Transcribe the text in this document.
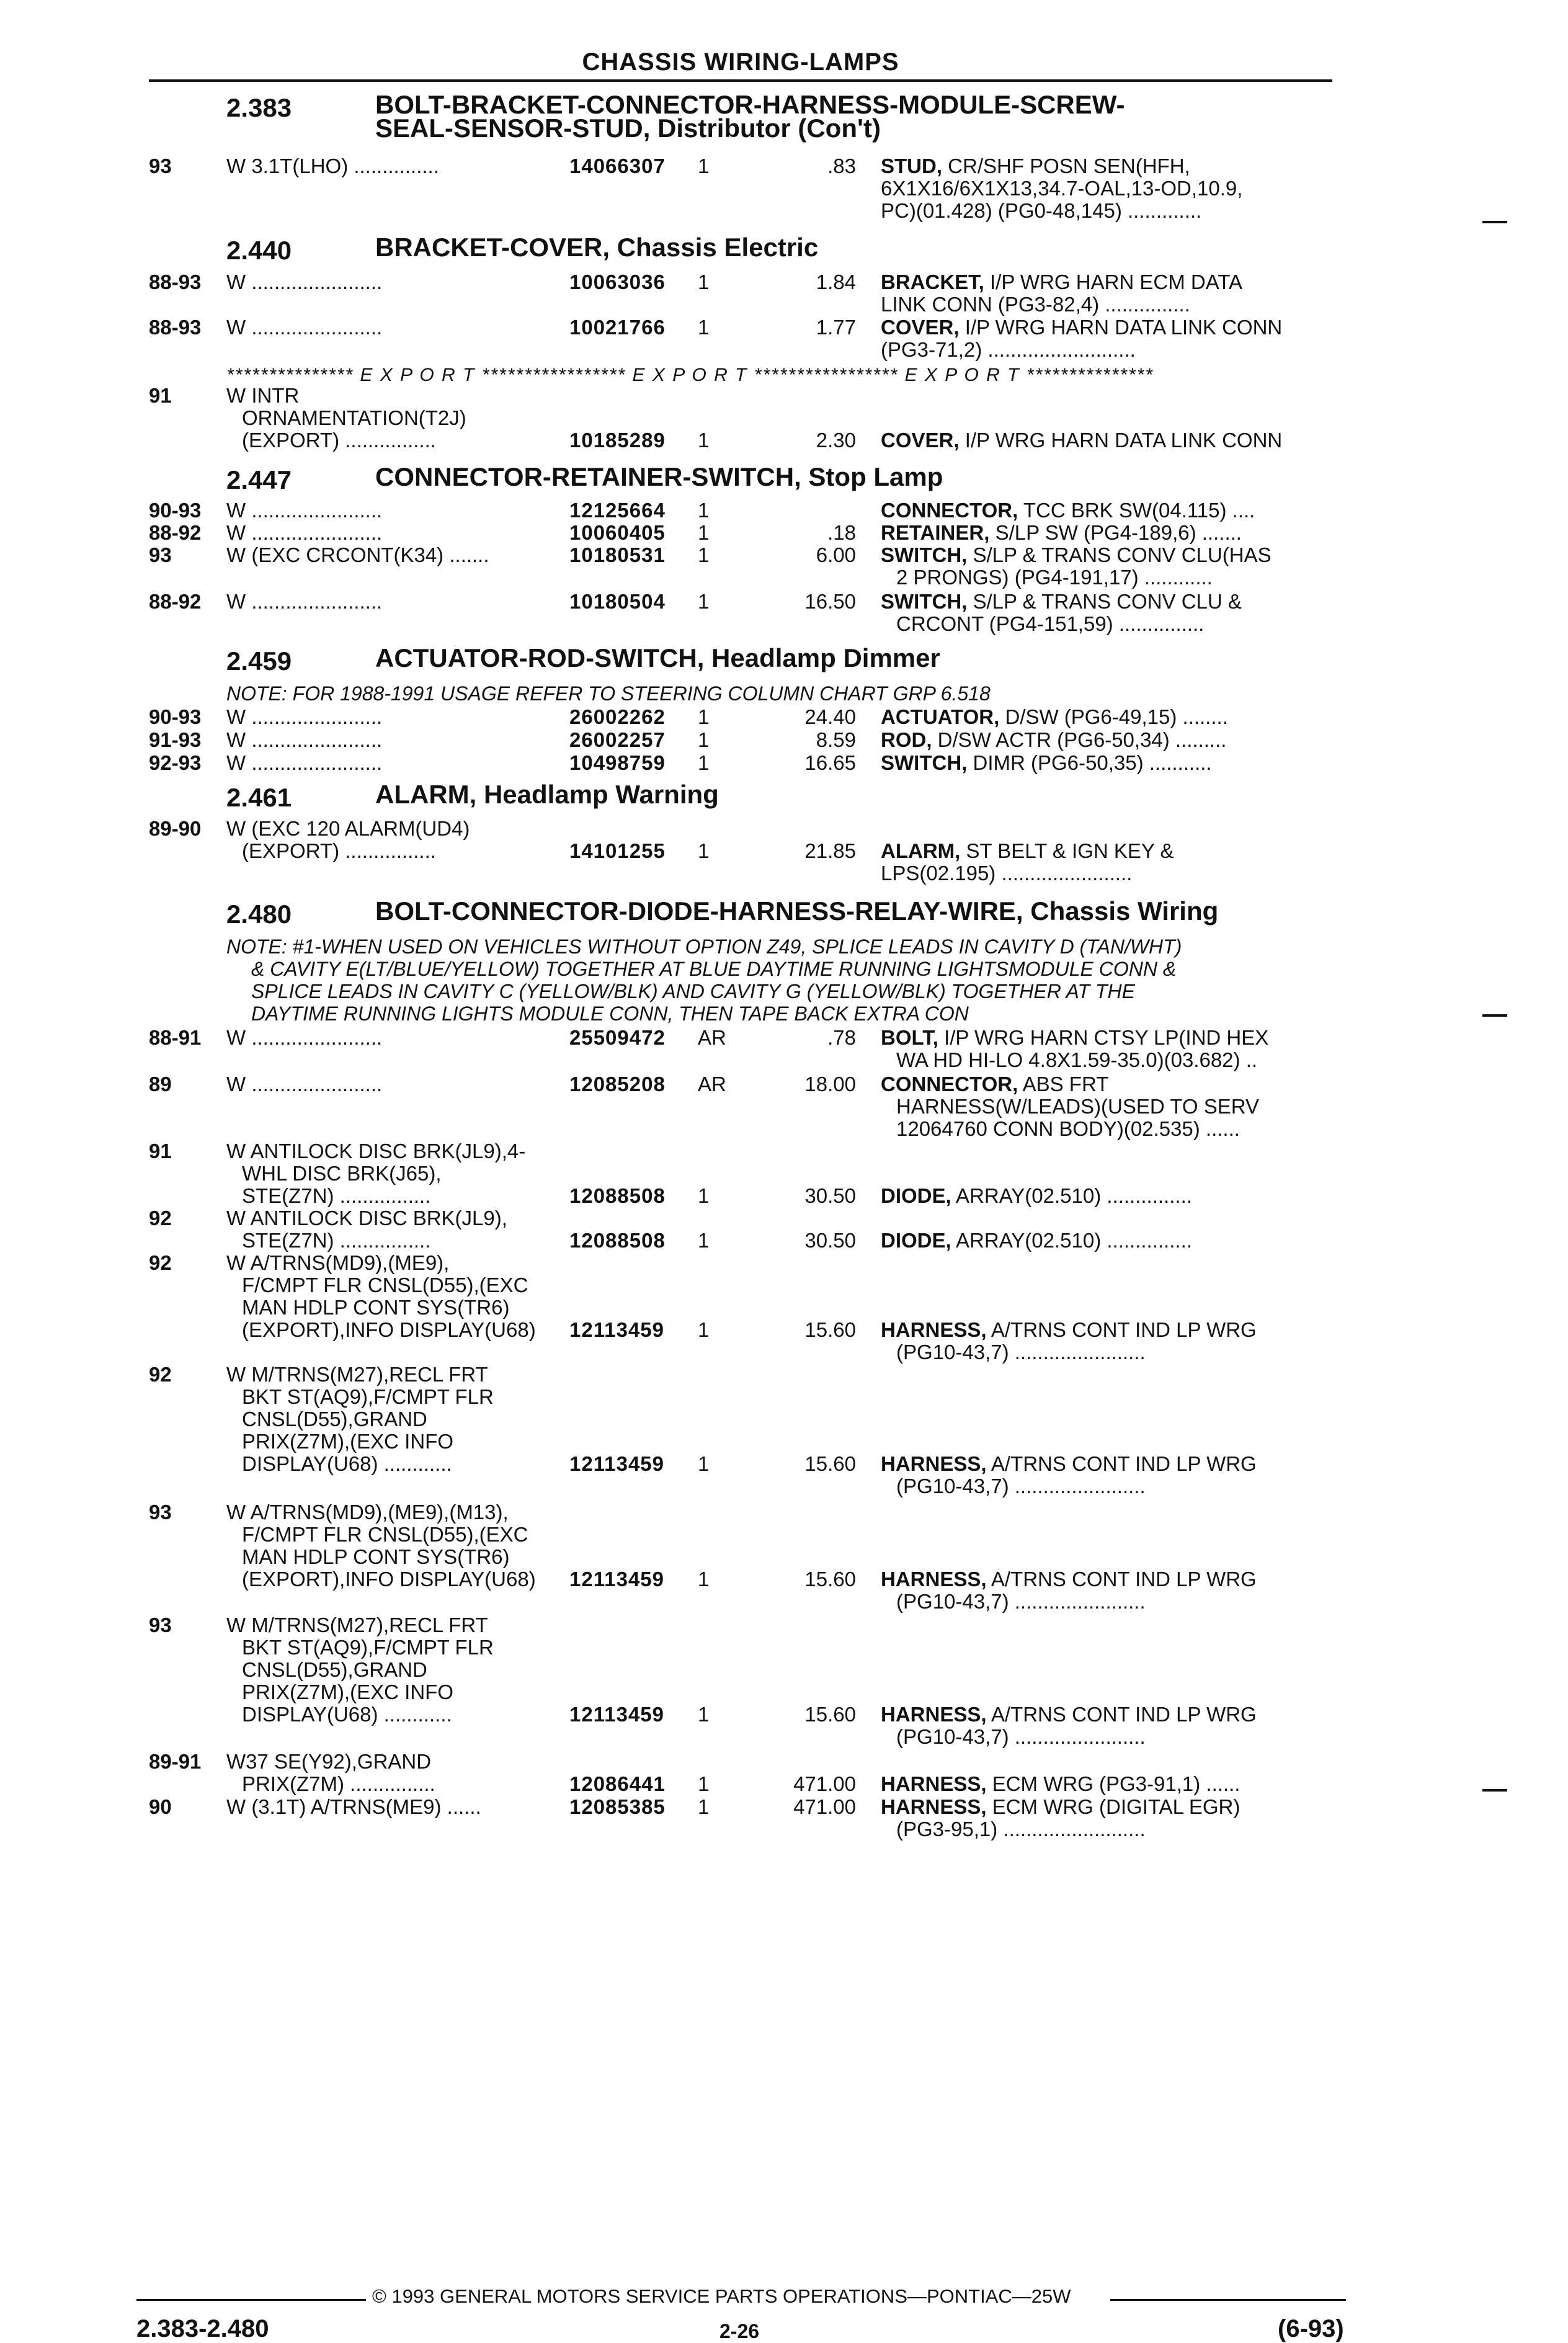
CHASSIS WIRING-LAMPS
2.383	BOLT-BRACKET-CONNECTOR-HARNESS-MODULE-SCREW-
SEAL-SENSOR-STUD, Distributor (Con't)
93	W 3.1T(LHO) ...............	14066307 1	.83 STUD, CR/SHF POSN SEN(HFH,
6X1X16/6X1X13,34.7-OAL,13-OD,10.9,
PC)(01.428) (PG0-48,145) .............
2.440	BRACKET-COVER, Chassis Electric
88-93 W .......................	10063036 1	1.84 BRACKET, I/P WRG HARN ECM DATA
LINK CONN (PG3-82,4) ...............
88-93 W .......................	10021766 1	1.77 COVER, I/P WRG HARN DATA LINK CONN
(PG3-71,2) ..........................
*************** E X P O R T ***************** E X P O R T ***************** E X P O R T ***************
91	W INTR
ORNAMENTATION(T2J)
(EXPORT) ................	10185289 1	2.30 COVER, I/P WRG HARN DATA LINK CONN
2.447	CONNECTOR-RETAINER-SWITCH, Stop Lamp
90-93 W .......................	12125664 1	CONNECTOR, TCC BRK SW(04.115) ....
88-92 W .......................	10060405 1	.18 RETAINER, S/LP SW (PG4-189,6) .......
93	W (EXC CRCONT(K34) .......	10180531 1	6.00 SWITCH, S/LP & TRANS CONV CLU(HAS
2 PRONGS) (PG4-191,17) ............
88-92 W .......................	10180504 1	16.50 SWITCH, S/LP & TRANS CONV CLU &
CRCONT (PG4-151,59) ...............
2.459	ACTUATOR-ROD-SWITCH, Headlamp Dimmer
NOTE: FOR 1988-1991 USAGE REFER TO STEERING COLUMN CHART GRP 6.518
90-93 W .......................	26002262 1	24.40 ACTUATOR, D/SW (PG6-49,15) ........
91-93 W .......................	26002257 1	8.59 ROD, D/SW ACTR (PG6-50,34) .........
92-93 W .......................	10498759 1	16.65 SWITCH, DIMR (PG6-50,35) ...........
2.461	ALARM, Headlamp Warning
89-90 W (EXC 120 ALARM(UD4)
(EXPORT) ................	14101255 1	21.85 ALARM, ST BELT & IGN KEY &
LPS(02.195) .......................
2.480	BOLT-CONNECTOR-DIODE-HARNESS-RELAY-WIRE, Chassis Wiring
NOTE: #1-WHEN USED ON VEHICLES WITHOUT OPTION Z49, SPLICE LEADS IN CAVITY D (TAN/WHT)
& CAVITY E(LT/BLUE/YELLOW) TOGETHER AT BLUE DAYTIME RUNNING LIGHTSMODULE CONN &
SPLICE LEADS IN CAVITY C (YELLOW/BLK) AND CAVITY G (YELLOW/BLK) TOGETHER AT THE
DAYTIME RUNNING LIGHTS MODULE CONN, THEN TAPE BACK EXTRA CON
88-91 W .......................	25509472 AR	.78 BOLT, I/P WRG HARN CTSY LP(IND HEX
WA HD HI-LO 4.8X1.59-35.0)(03.682) ..
89	W .......................	12085208 AR	18.00 CONNECTOR, ABS FRT
HARNESS(W/LEADS)(USED TO SERV
12064760 CONN BODY)(02.535) ......
91	W ANTILOCK DISC BRK(JL9),4-
WHL DISC BRK(J65),
STE(Z7N) ................	12088508 1	30.50 DIODE, ARRAY(02.510) ...............
92	W ANTILOCK DISC BRK(JL9),
STE(Z7N) ................	12088508 1	30.50 DIODE, ARRAY(02.510) ...............
92	W A/TRNS(MD9),(ME9),
F/CMPT FLR CNSL(D55),(EXC
MAN HDLP CONT SYS(TR6)
(EXPORT),INFO DISPLAY(U68)	12113459 1	15.60 HARNESS, A/TRNS CONT IND LP WRG
(PG10-43,7) .......................
92	W M/TRNS(M27),RECL FRT
BKT ST(AQ9),F/CMPT FLR
CNSL(D55),GRAND
PRIX(Z7M),(EXC INFO
DISPLAY(U68) ............	12113459 1	15.60 HARNESS, A/TRNS CONT IND LP WRG
(PG10-43,7) .......................
93	W A/TRNS(MD9),(ME9),(M13),
F/CMPT FLR CNSL(D55),(EXC
MAN HDLP CONT SYS(TR6)
(EXPORT),INFO DISPLAY(U68)	12113459 1	15.60 HARNESS, A/TRNS CONT IND LP WRG
(PG10-43,7) .......................
93	W M/TRNS(M27),RECL FRT
BKT ST(AQ9),F/CMPT FLR
CNSL(D55),GRAND
PRIX(Z7M),(EXC INFO
DISPLAY(U68) ............	12113459 1	15.60 HARNESS, A/TRNS CONT IND LP WRG
(PG10-43,7) .......................
89-91 W37 SE(Y92),GRAND
PRIX(Z7M) ...............	12086441 1	471.00 HARNESS, ECM WRG (PG3-91,1) ......
90	W (3.1T) A/TRNS(ME9) ......	12085385 1	471.00 HARNESS, ECM WRG (DIGITAL EGR)
(PG3-95,1) .........................
© 1993 GENERAL MOTORS SERVICE PARTS OPERATIONS—PONTIAC—25W
2.383-2.480	2-26	(6-93)
